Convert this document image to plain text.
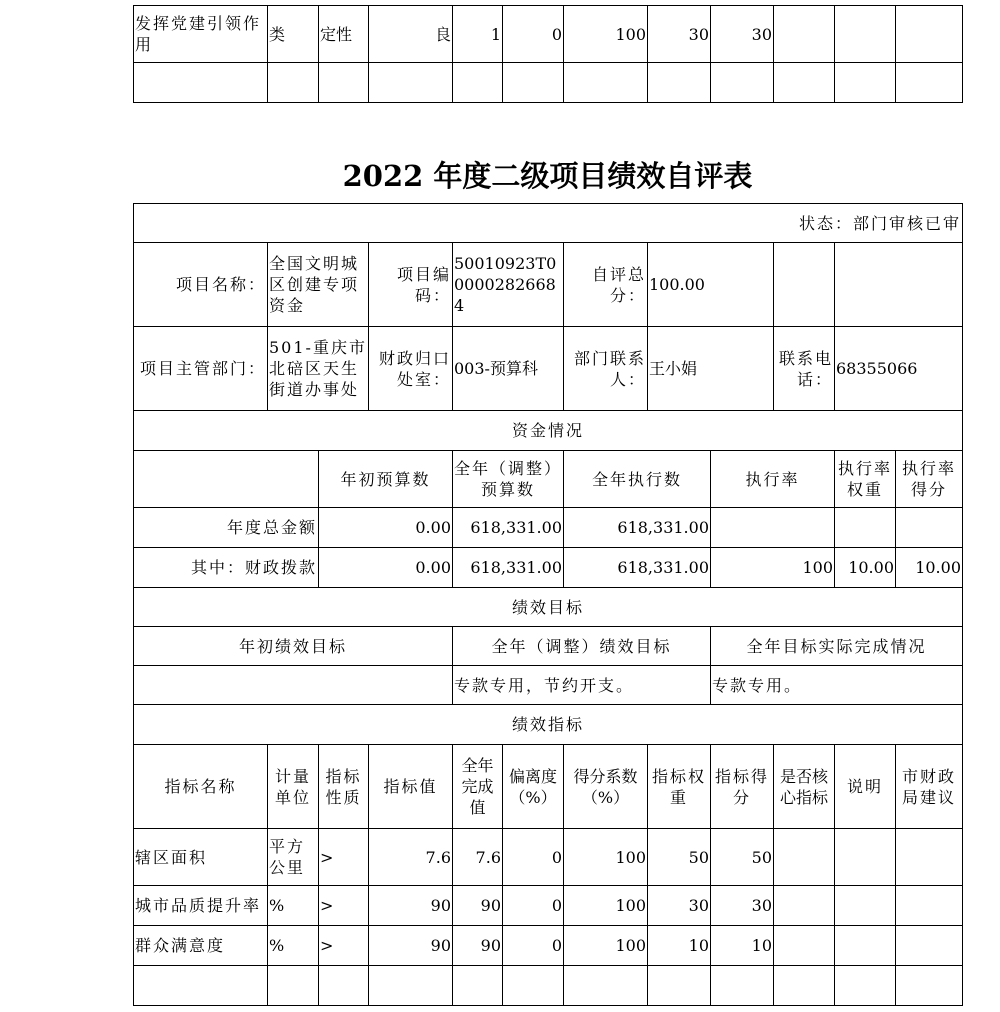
发挥党建引领作用	类	定性	良	1	0	100	30	30			

2022 年度二级项目绩效自评表
状态：部门审核已审											
项目名称：	全国文明城区创建专项资金		项目编码：	50010923T000002826684		自评总分：	100.00				
项目主管部门：	501-重庆市北碚区天生街道办事处		财政归口处室：	003-预算科		部门联系人：	王小娟		联系电话：	68355066	
资金情况											
		年初预算数		全年（调整）预算数		全年执行数		执行率		执行率权重	执行率得分
年度总金额		0.00		618,331.00		618,331.00					
其中：财政拨款		0.00		618,331.00		618,331.00		100		10.00	10.00
绩效目标											
年初绩效目标				全年（调整）绩效目标				全年目标实际完成情况			
				专款专用，节约开支。				专款专用。			
绩效指标											
指标名称	计量单位	指标性质	指标值	全年完成值	偏离度（%）	得分系数（%）	指标权重	指标得分	是否核心指标	说明	市财政局建议
辖区面积	平方公里	>	7.6	7.6	0	100	50	50			
城市品质提升率	%	>	90	90	0	100	30	30			
群众满意度	%	>	90	90	0	100	10	10			
